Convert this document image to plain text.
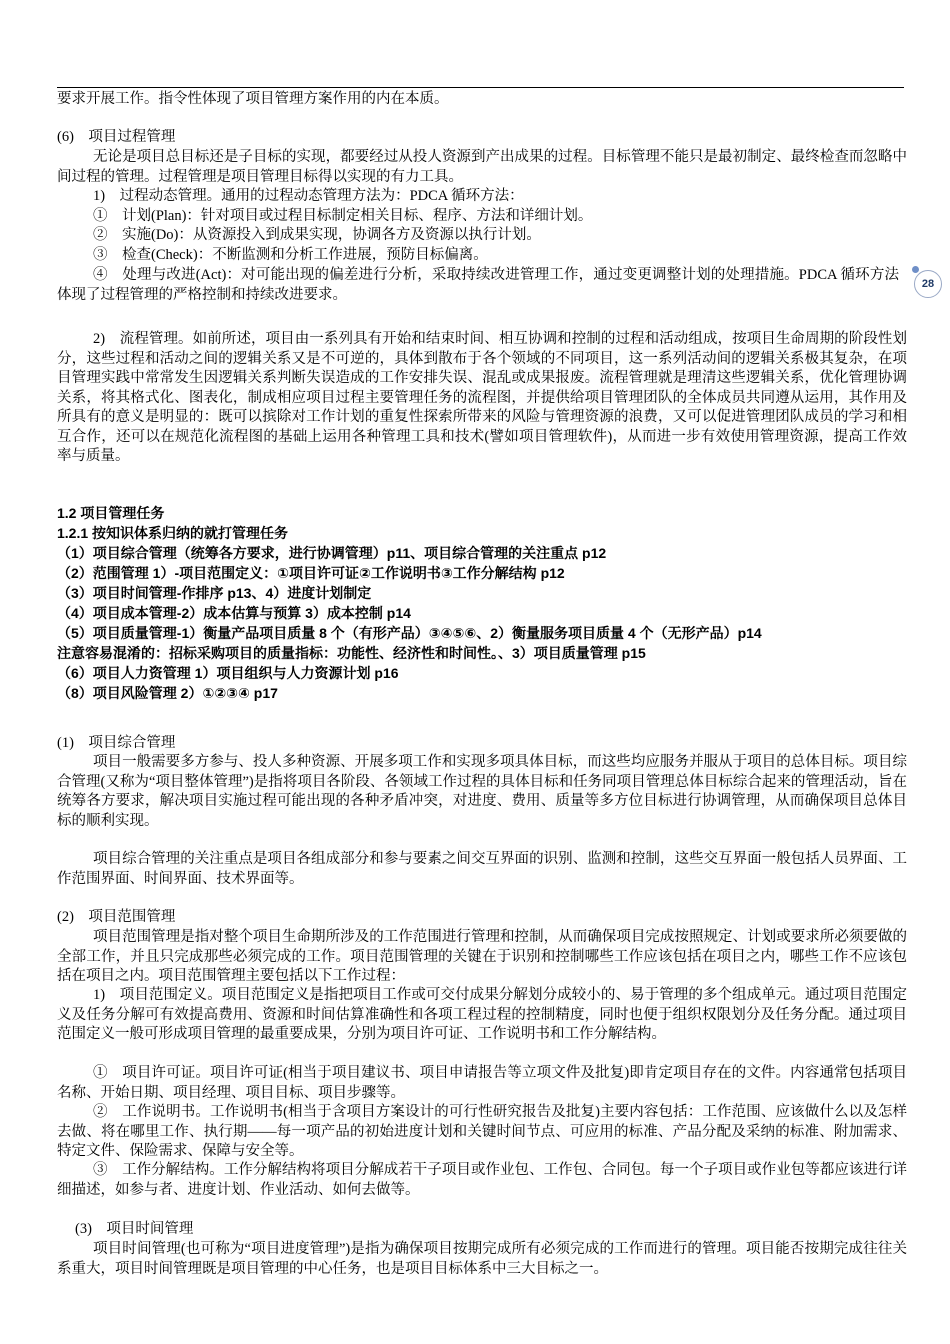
要求开展工作。指令性体现了项目管理方案作用的内在本质。

(6)　项目过程管理

无论是项目总目标还是子目标的实现，都要经过从投人资源到产出成果的过程。目标管理不能只是最初制定、最终检查而忽略中间过程的管理。过程管理是项目管理目标得以实现的有力工具。

1)　过程动态管理。通用的过程动态管理方法为：PDCA 循环方法：

①　计划(Plan)：针对项目或过程目标制定相关目标、程序、方法和详细计划。

②　实施(Do)：从资源投入到成果实现，协调各方及资源以执行计划。

③　检查(Check)：不断监测和分析工作进展，预防目标偏离。

④　处理与改进(Act)：对可能出现的偏差进行分析，采取持续改进管理工作，通过变更调整计划的处理措施。PDCA 循环方法体现了过程管理的严格控制和持续改进要求。

2)　流程管理。如前所述，项目由一系列具有开始和结束时间、相互协调和控制的过程和活动组成，按项目生命周期的阶段性划分，这些过程和活动之间的逻辑关系又是不可逆的，具体到散布于各个领域的不同项目，这一系列活动间的逻辑关系极其复杂，在项目管理实践中常常发生因逻辑关系判断失误造成的工作安排失误、混乱或成果报废。流程管理就是理清这些逻辑关系，优化管理协调关系，将其格式化、图表化，制成相应项目过程主要管理任务的流程图，并提供给项目管理团队的全体成员共同遵从运用，其作用及所具有的意义是明显的：既可以摈除对工作计划的重复性探索所带来的风险与管理资源的浪费，又可以促进管理团队成员的学习和相互合作，还可以在规范化流程图的基础上运用各种管理工具和技术(譬如项目管理软件)，从而进一步有效使用管理资源，提高工作效率与质量。

1.2 项目管理任务

1.2.1 按知识体系归纳的就打管理任务

（1）项目综合管理（统筹各方要求，进行协调管理）p11、项目综合管理的关注重点 p12

（2）范围管理 1）-项目范围定义：①项目许可证②工作说明书③工作分解结构 p12

（3）项目时间管理-作排序 p13、4）进度计划制定

（4）项目成本管理-2）成本估算与预算 3）成本控制 p14

（5）项目质量管理-1）衡量产品项目质量 8 个（有形产品）③④⑤⑥、2）衡量服务项目质量 4 个（无形产品）p14

注意容易混淆的：招标采购项目的质量指标：功能性、经济性和时间性。、3）项目质量管理 p15

（6）项目人力资管理 1）项目组织与人力资源计划 p16

（8）项目风险管理 2）①②③④ p17

(1)　项目综合管理

项目一般需要多方参与、投人多种资源、开展多项工作和实现多项具体目标，而这些均应服务并服从于项目的总体目标。项目综合管理(又称为“项目整体管理”)是指将项目各阶段、各领域工作过程的具体目标和任务同项目管理总体目标综合起来的管理活动，旨在统筹各方要求，解决项目实施过程可能出现的各种矛盾冲突，对进度、费用、质量等多方位目标进行协调管理，从而确保项目总体目标的顺利实现。

项目综合管理的关注重点是项目各组成部分和参与要素之间交互界面的识别、监测和控制，这些交互界面一般包括人员界面、工作范围界面、时间界面、技术界面等。

(2)　项目范围管理

项目范围管理是指对整个项目生命期所涉及的工作范围进行管理和控制，从而确保项目完成按照规定、计划或要求所必须要做的全部工作，并且只完成那些必须完成的工作。项目范围管理的关键在于识别和控制哪些工作应该包括在项目之内，哪些工作不应该包括在项目之内。项目范围管理主要包括以下工作过程：

1)　项目范围定义。项目范围定义是指把项目工作或可交付成果分解划分成较小的、易于管理的多个组成单元。通过项目范围定义及任务分解可有效提高费用、资源和时间估算准确性和各项工程过程的控制精度，同时也便于组织权限划分及任务分配。通过项目范围定义一般可形成项目管理的最重要成果，分别为项目许可证、工作说明书和工作分解结构。

①　项目许可证。项目许可证(相当于项目建议书、项目申请报告等立项文件及批复)即肯定项目存在的文件。内容通常包括项目名称、开始日期、项目经理、项目目标、项目步骤等。

②　工作说明书。工作说明书(相当于含项目方案设计的可行性研究报告及批复)主要内容包括：工作范围、应该做什么以及怎样去做、将在哪里工作、执行期——每一项产品的初始进度计划和关键时间节点、可应用的标准、产品分配及采纳的标准、附加需求、特定文件、保险需求、保障与安全等。

③　工作分解结构。工作分解结构将项目分解成若干子项目或作业包、工作包、合同包。每一个子项目或作业包等都应该进行详细描述，如参与者、进度计划、作业活动、如何去做等。

(3)　项目时间管理

项目时间管理(也可称为“项目进度管理”)是指为确保项目按期完成所有必须完成的工作而进行的管理。项目能否按期完成往往关系重大，项目时间管理既是项目管理的中心任务，也是项目目标体系中三大目标之一。

28
